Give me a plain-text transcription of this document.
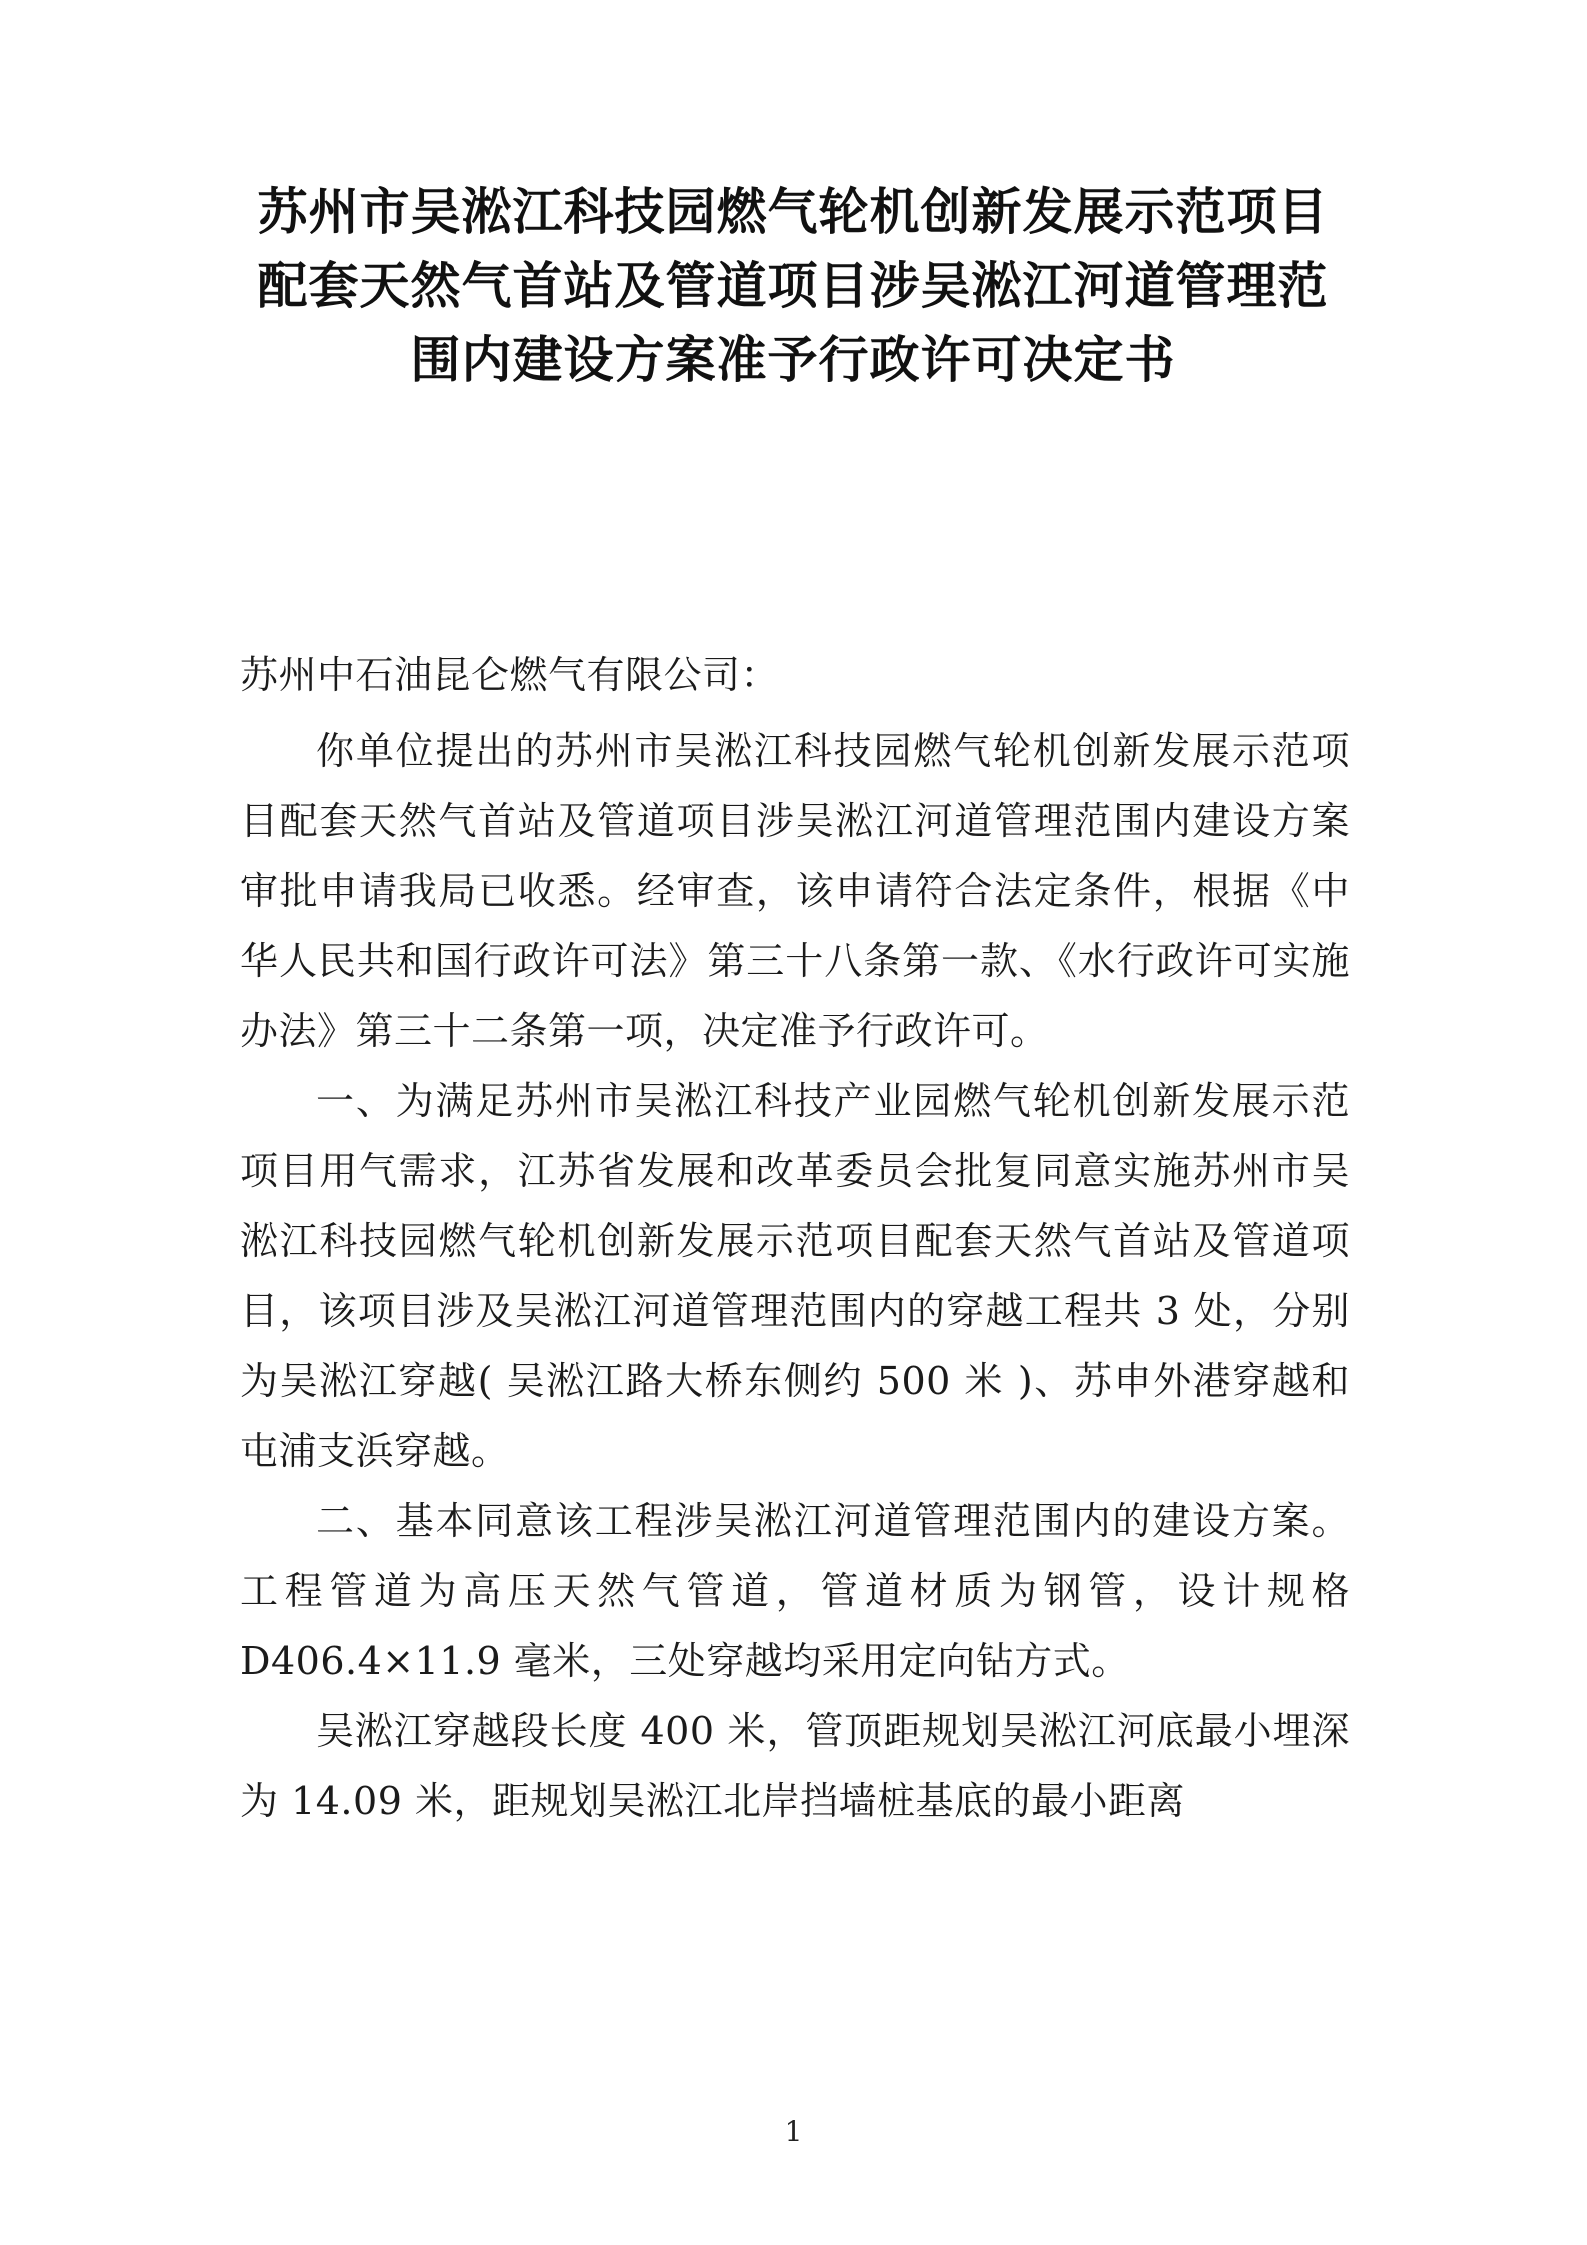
苏州市吴淞江科技园燃气轮机创新发展示范项目配套天然气首站及管道项目涉吴淞江河道管理范围内建设方案准予行政许可决定书

苏州中石油昆仑燃气有限公司：

你单位提出的苏州市吴淞江科技园燃气轮机创新发展示范项目配套天然气首站及管道项目涉吴淞江河道管理范围内建设方案审批申请我局已收悉。经审查，该申请符合法定条件，根据《中华人民共和国行政许可法》第三十八条第一款、《水行政许可实施办法》第三十二条第一项，决定准予行政许可。

一、为满足苏州市吴淞江科技产业园燃气轮机创新发展示范项目用气需求，江苏省发展和改革委员会批复同意实施苏州市吴淞江科技园燃气轮机创新发展示范项目配套天然气首站及管道项目，该项目涉及吴淞江河道管理范围内的穿越工程共 3 处，分别为吴淞江穿越( 吴淞江路大桥东侧约 500 米 )、苏申外港穿越和屯浦支浜穿越。

二、基本同意该工程涉吴淞江河道管理范围内的建设方案。工程管道为高压天然气管道，管道材质为钢管，设计规格 D406.4×11.9 毫米，三处穿越均采用定向钻方式。

吴淞江穿越段长度 400 米，管顶距规划吴淞江河底最小埋深为 14.09 米，距规划吴淞江北岸挡墙桩基底的最小距离

1
